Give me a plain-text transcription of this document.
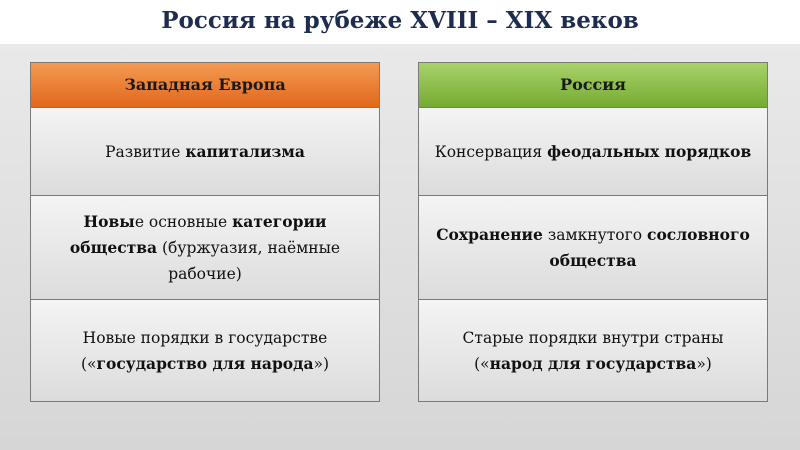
Россия на рубеже XVIII – XIX веков
Западная Европа
Развитие капитализма
Новые основные категории общества (буржуазия, наёмные рабочие)
Новые порядки в государстве («государство для народа»)
Россия
Консервация феодальных порядков
Сохранение замкнутого сословного общества
Старые порядки внутри страны («народ для государства»)
